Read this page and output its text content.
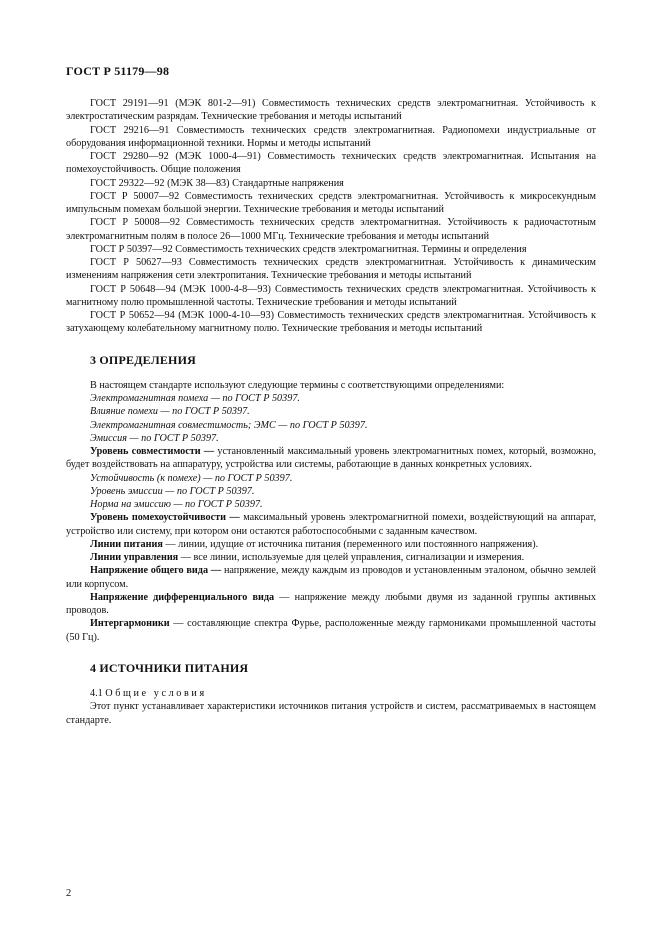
ГОСТ Р 51179—98

ГОСТ 29191—91 (МЭК 801-2—91) Совместимость технических средств электромагнитная. Устойчивость к электростатическим разрядам. Технические требования и методы испытаний

ГОСТ 29216—91 Совместимость технических средств электромагнитная. Радиопомехи индустриальные от оборудования информационной техники. Нормы и методы испытаний

ГОСТ 29280—92 (МЭК 1000-4—91) Совместимость технических средств электромагнитная. Испытания на помехоустойчивость. Общие положения

ГОСТ 29322—92 (МЭК 38—83) Стандартные напряжения

ГОСТ Р 50007—92 Совместимость технических средств электромагнитная. Устойчивость к микросекундным импульсным помехам большой энергии. Технические требования и методы испытаний

ГОСТ Р 50008—92 Совместимость технических средств электромагнитная. Устойчивость к радиочастотным электромагнитным полям в полосе 26—1000 МГц. Технические требования и методы испытаний

ГОСТ Р 50397—92 Совместимость технических средств электромагнитная. Термины и определения

ГОСТ Р 50627—93 Совместимость технических средств электромагнитная. Устойчивость к динамическим изменениям напряжения сети электропитания. Технические требования и методы испытаний

ГОСТ Р 50648—94 (МЭК 1000-4-8—93) Совместимость технических средств электромагнитная. Устойчивость к магнитному полю промышленной частоты. Технические требования и методы испытаний

ГОСТ Р 50652—94 (МЭК 1000-4-10—93) Совместимость технических средств электромагнитная. Устойчивость к затухающему колебательному магнитному полю. Технические требования и методы испытаний

3 ОПРЕДЕЛЕНИЯ

В настоящем стандарте используют следующие термины с соответствующими определениями:

Электромагнитная помеха — по ГОСТ Р 50397.

Влияние помехи — по ГОСТ Р 50397.

Электромагнитная совместимость; ЭМС — по ГОСТ Р 50397.

Эмиссия — по ГОСТ Р 50397.

Уровень совместимости — установленный максимальный уровень электромагнитных помех, который, возможно, будет воздействовать на аппаратуру, устройства или системы, работающие в данных конкретных условиях.

Устойчивость (к помехе) — по ГОСТ Р 50397.

Уровень эмиссии — по ГОСТ Р 50397.

Норма на эмиссию — по ГОСТ Р 50397.

Уровень помехоустойчивости — максимальный уровень электромагнитной помехи, воздействующий на аппарат, устройство или систему, при котором они остаются работоспособными с заданным качеством.

Линии питания — линии, идущие от источника питания (переменного или постоянного напряжения).

Линии управления — все линии, используемые для целей управления, сигнализации и измерения.

Напряжение общего вида — напряжение, между каждым из проводов и установленным эталоном, обычно землей или корпусом.

Напряжение дифференциального вида — напряжение между любыми двумя из заданной группы активных проводов.

Интергармоники — составляющие спектра Фурье, расположенные между гармониками промышленной частоты (50 Гц).

4 ИСТОЧНИКИ ПИТАНИЯ

4.1 Общие условия

Этот пункт устанавливает характеристики источников питания устройств и систем, рассматриваемых в настоящем стандарте.

2
